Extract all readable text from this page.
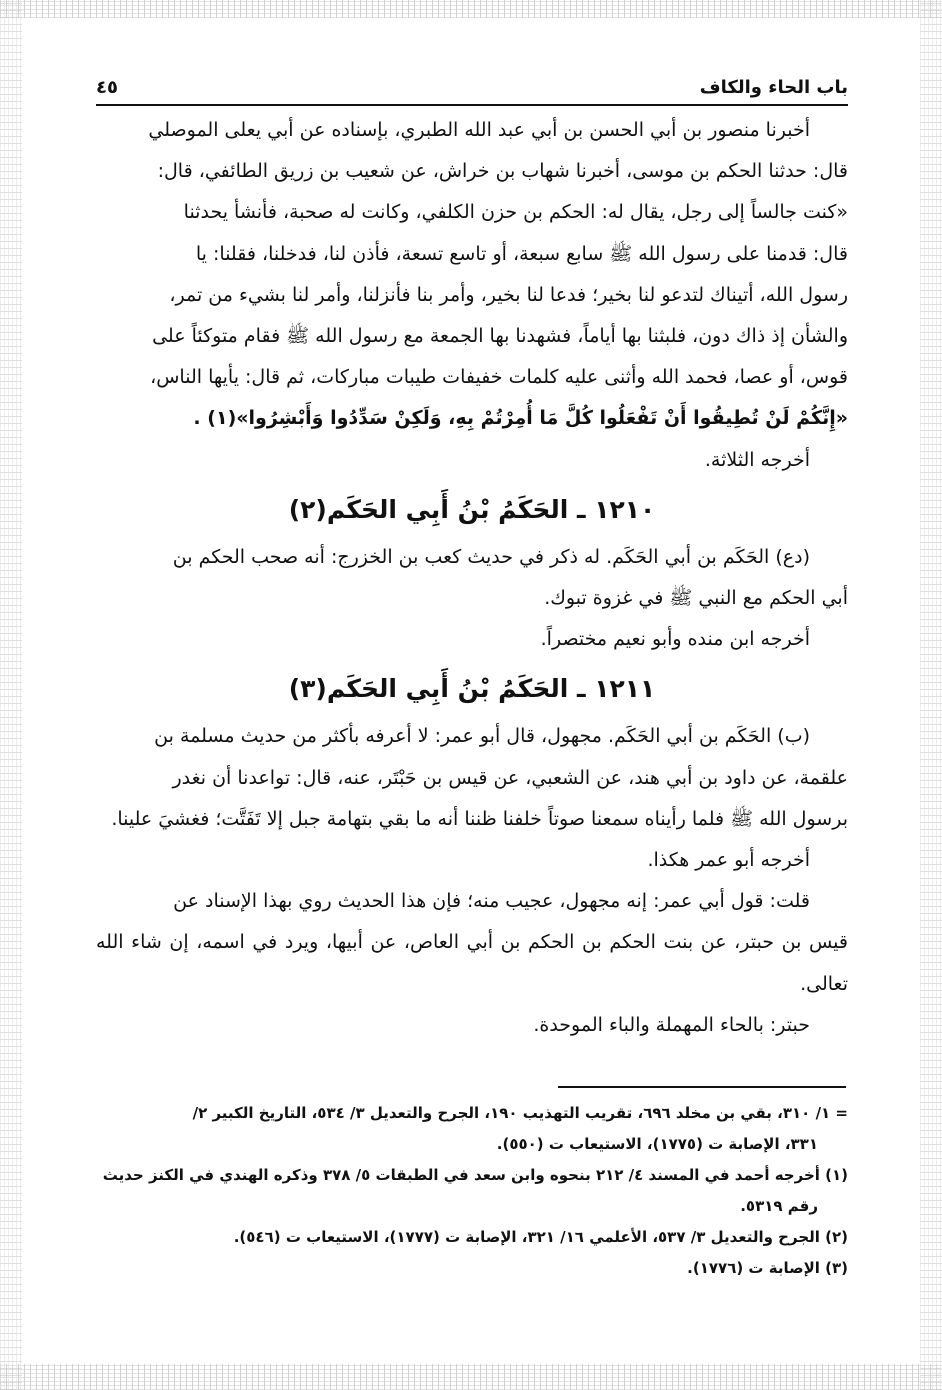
باب الحاء والكاف
٤٥

أخبرنا منصور بن أبي الحسن بن أبي عبد الله الطبري، بإسناده عن أبي يعلى الموصلي

قال: حدثنا الحكم بن موسى، أخبرنا شهاب بن خراش، عن شعيب بن زريق الطائفي، قال:

«كنت جالساً إلى رجل، يقال له: الحكم بن حزن الكلفي، وكانت له صحبة، فأنشأ يحدثنا

قال: قدمنا على رسول الله ﷺ سابع سبعة، أو تاسع تسعة، فأذن لنا، فدخلنا، فقلنا: يا

رسول الله، أتيناك لتدعو لنا بخير؛ فدعا لنا بخير، وأمر بنا فأنزلنا، وأمر لنا بشيء من تمر،

والشأن إذ ذاك دون، فلبثنا بها أياماً، فشهدنا بها الجمعة مع رسول الله ﷺ فقام متوكئاً على

قوس، أو عصا، فحمد الله وأثنى عليه كلمات خفيفات طيبات مباركات، ثم قال: يأيها الناس،

«إِنَّكُمْ لَنْ تُطِيقُوا أَنْ تَفْعَلُوا كُلَّ مَا أُمِرْتُمْ بِهِ، وَلَكِنْ سَدِّدُوا وَأَبْشِرُوا»(١) .

أخرجه الثلاثة.

١٢١٠ ـ الحَكَمُ بْنُ أَبِي الحَكَم(٢)

(دع) الحَكَم بن أبي الحَكَم. له ذكر في حديث كعب بن الخزرج: أنه صحب الحكم بن

أبي الحكم مع النبي ﷺ في غزوة تبوك.

أخرجه ابن منده وأبو نعيم مختصراً.

١٢١١ ـ الحَكَمُ بْنُ أَبِي الحَكَم(٣)

(ب) الحَكَم بن أبي الحَكَم. مجهول، قال أبو عمر: لا أعرفه بأكثر من حديث مسلمة بن

علقمة، عن داود بن أبي هند، عن الشعبي، عن قيس بن حَبْتَر، عنه، قال: تواعدنا أن نغدر

برسول الله ﷺ فلما رأيناه سمعنا صوتاً خلفنا ظننا أنه ما بقي بتهامة جبل إلا تَفَتَّت؛ فغشيَ علينا.

أخرجه أبو عمر هكذا.

قلت: قول أبي عمر: إنه مجهول، عجيب منه؛ فإن هذا الحديث روي بهذا الإسناد عن

قيس بن حبتر، عن بنت الحكم بن الحكم بن أبي العاص، عن أبيها، ويرد في اسمه، إن شاء الله تعالى.

حبتر: بالحاء المهملة والباء الموحدة.

= ١/ ٣١٠، بقي بن مخلد ٦٩٦، تقريب التهذيب ١٩٠، الجرح والتعديل ٣/ ٥٣٤، التاريخ الكبير ٢/

٣٣١، الإصابة ت (١٧٧٥)، الاستيعاب ت (٥٥٠).

(١) أخرجه أحمد في المسند ٤/ ٢١٢ بنحوه وابن سعد في الطبقات ٥/ ٣٧٨ وذكره الهندي في الكنز حديث

رقم ٥٣١٩.

(٢) الجرح والتعديل ٣/ ٥٣٧، الأعلمي ١٦/ ٣٢١، الإصابة ت (١٧٧٧)، الاستيعاب ت (٥٤٦).

(٣) الإصابة ت (١٧٧٦).
